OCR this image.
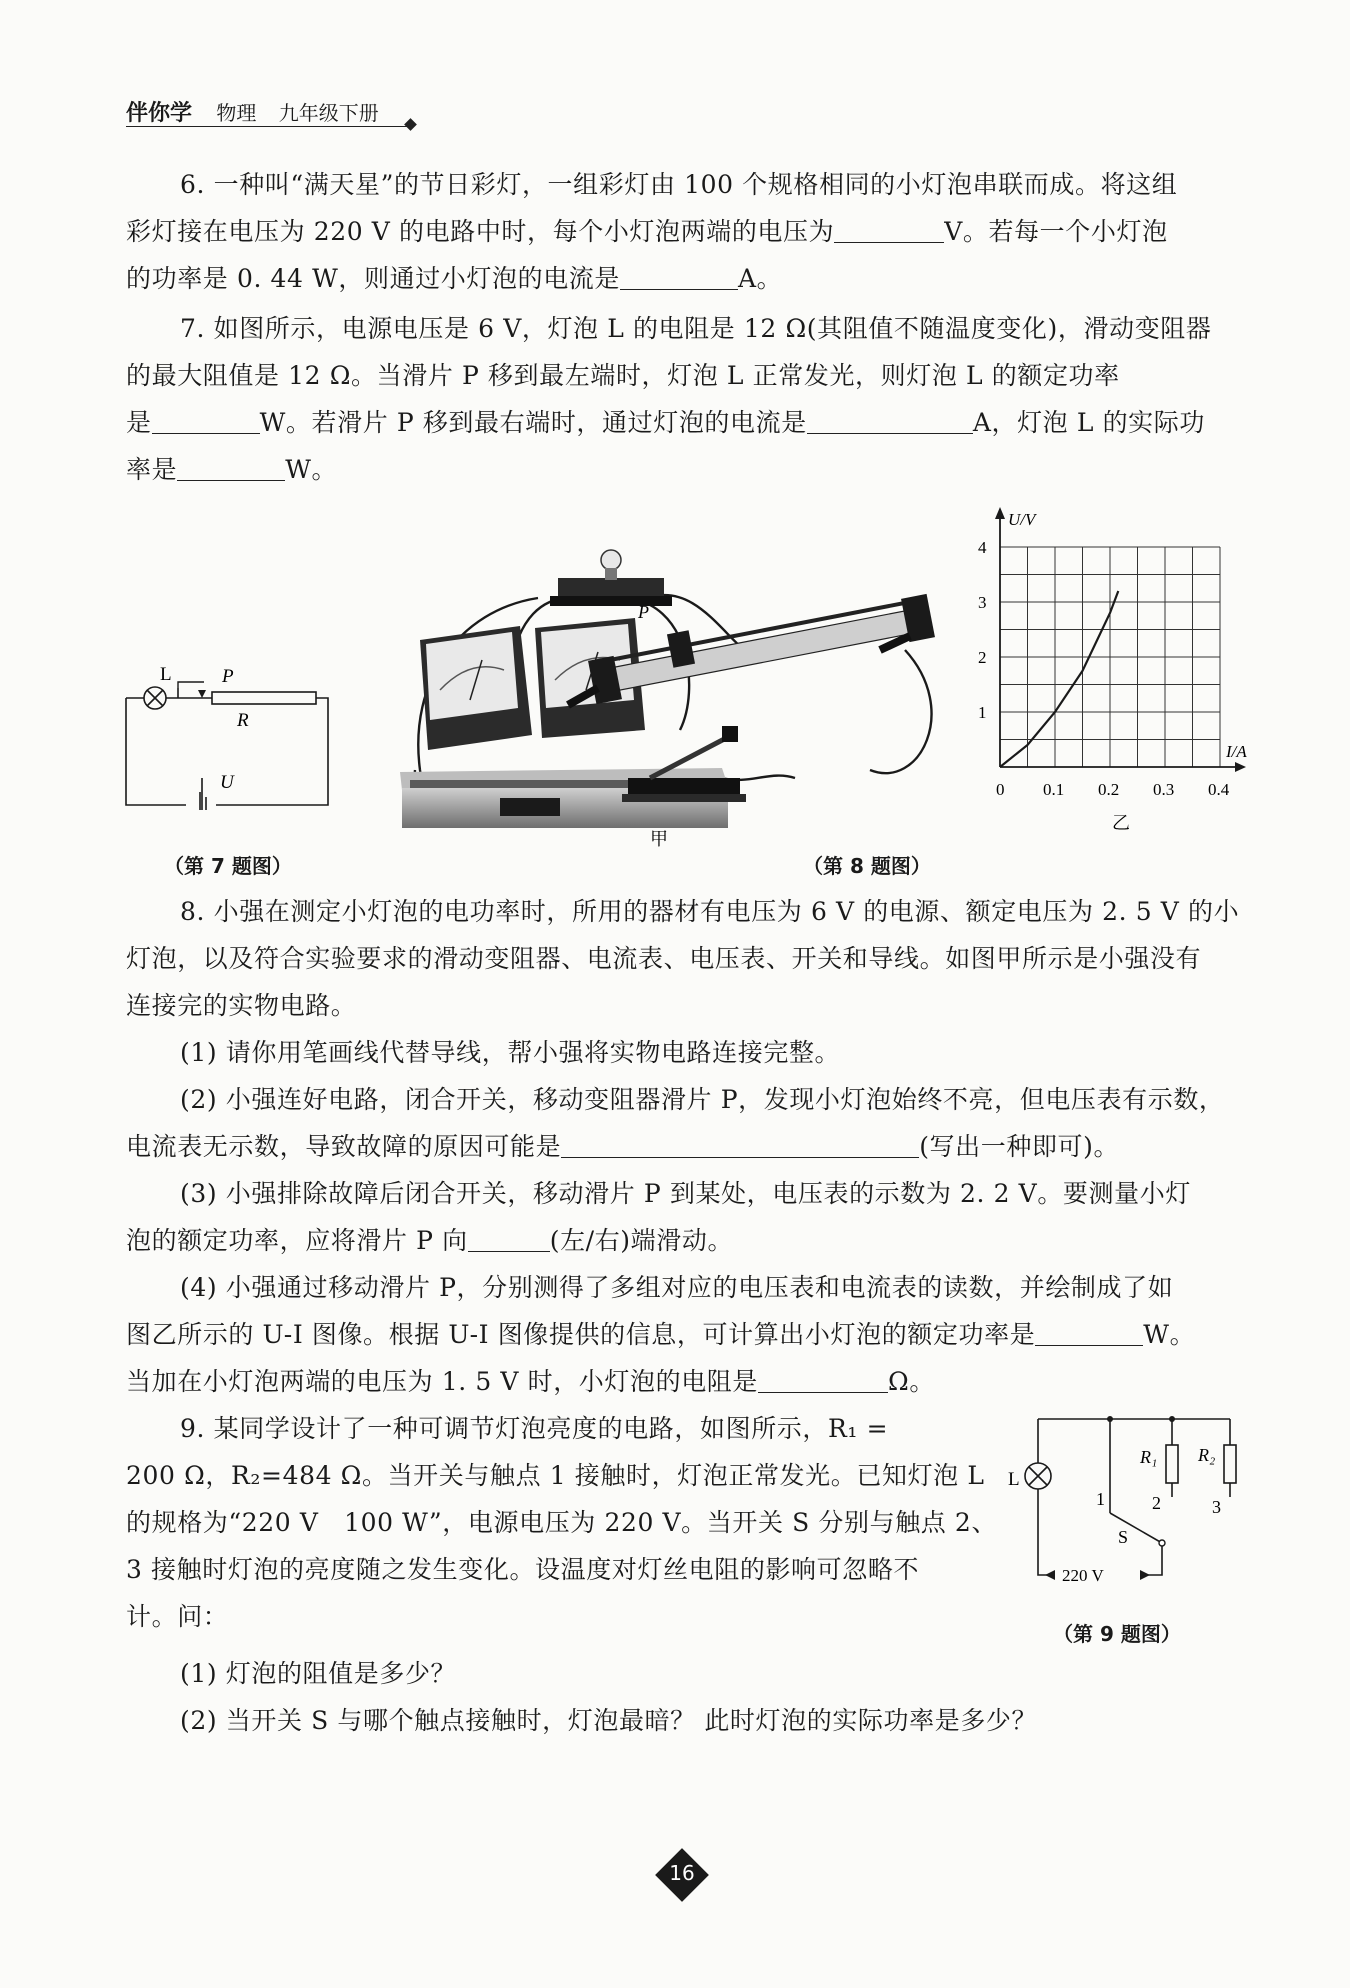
伴你学 物理 九年级下册
6. 一种叫“满天星”的节日彩灯，一组彩灯由 100 个规格相同的小灯泡串联而成。将这组
彩灯接在电压为 220 V 的电路中时，每个小灯泡两端的电压为	V。若每一个小灯泡
的功率是 0. 44 W，则通过小灯泡的电流是	A。
7. 如图所示，电源电压是 6 V，灯泡 L 的电阻是 12 Ω(其阻值不随温度变化)，滑动变阻器
的最大阻值是 12 Ω。当滑片 P 移到最左端时，灯泡 L 正常发光，则灯泡 L 的额定功率
是	W。若滑片 P 移到最右端时，通过灯泡的电流是	A，灯泡 L 的实际功
率是	W。
L	P
R
U
（第 7 题图）
P
甲
0 0.1 0.2 0.3 0.4
1
2
3
4
U/V
I/A
乙
（第 8 题图）
8. 小强在测定小灯泡的电功率时，所用的器材有电压为 6 V 的电源、额定电压为 2. 5 V 的小
灯泡，以及符合实验要求的滑动变阻器、电流表、电压表、开关和导线。如图甲所示是小强没有
连接完的实物电路。
(1) 请你用笔画线代替导线，帮小强将实物电路连接完整。
(2) 小强连好电路，闭合开关，移动变阻器滑片 P，发现小灯泡始终不亮，但电压表有示数，
电流表无示数，导致故障的原因可能是	(写出一种即可)。
(3) 小强排除故障后闭合开关，移动滑片 P 到某处，电压表的示数为 2. 2 V。要测量小灯
泡的额定功率，应将滑片 P 向	(左/右)端滑动。
(4) 小强通过移动滑片 P，分别测得了多组对应的电压表和电流表的读数，并绘制成了如
图乙所示的 U-I 图像。根据 U-I 图像提供的信息，可计算出小灯泡的额定功率是	W。
当加在小灯泡两端的电压为 1. 5 V 时，小灯泡的电阻是	Ω。
9. 某同学设计了一种可调节灯泡亮度的电路，如图所示，R₁ =
200 Ω，R₂=484 Ω。当开关与触点 1 接触时，灯泡正常发光。已知灯泡 L
的规格为“220 V　100 W”，电源电压为 220 V。当开关 S 分别与触点 2、
3 接触时灯泡的亮度随之发生变化。设温度对灯丝电阻的影响可忽略不
计。问：
(1) 灯泡的阻值是多少？
(2) 当开关 S 与哪个触点接触时，灯泡最暗？ 此时灯泡的实际功率是多少？
L
R₁ R₂
1	2	3
S
220 V
（第 9 题图）
16
